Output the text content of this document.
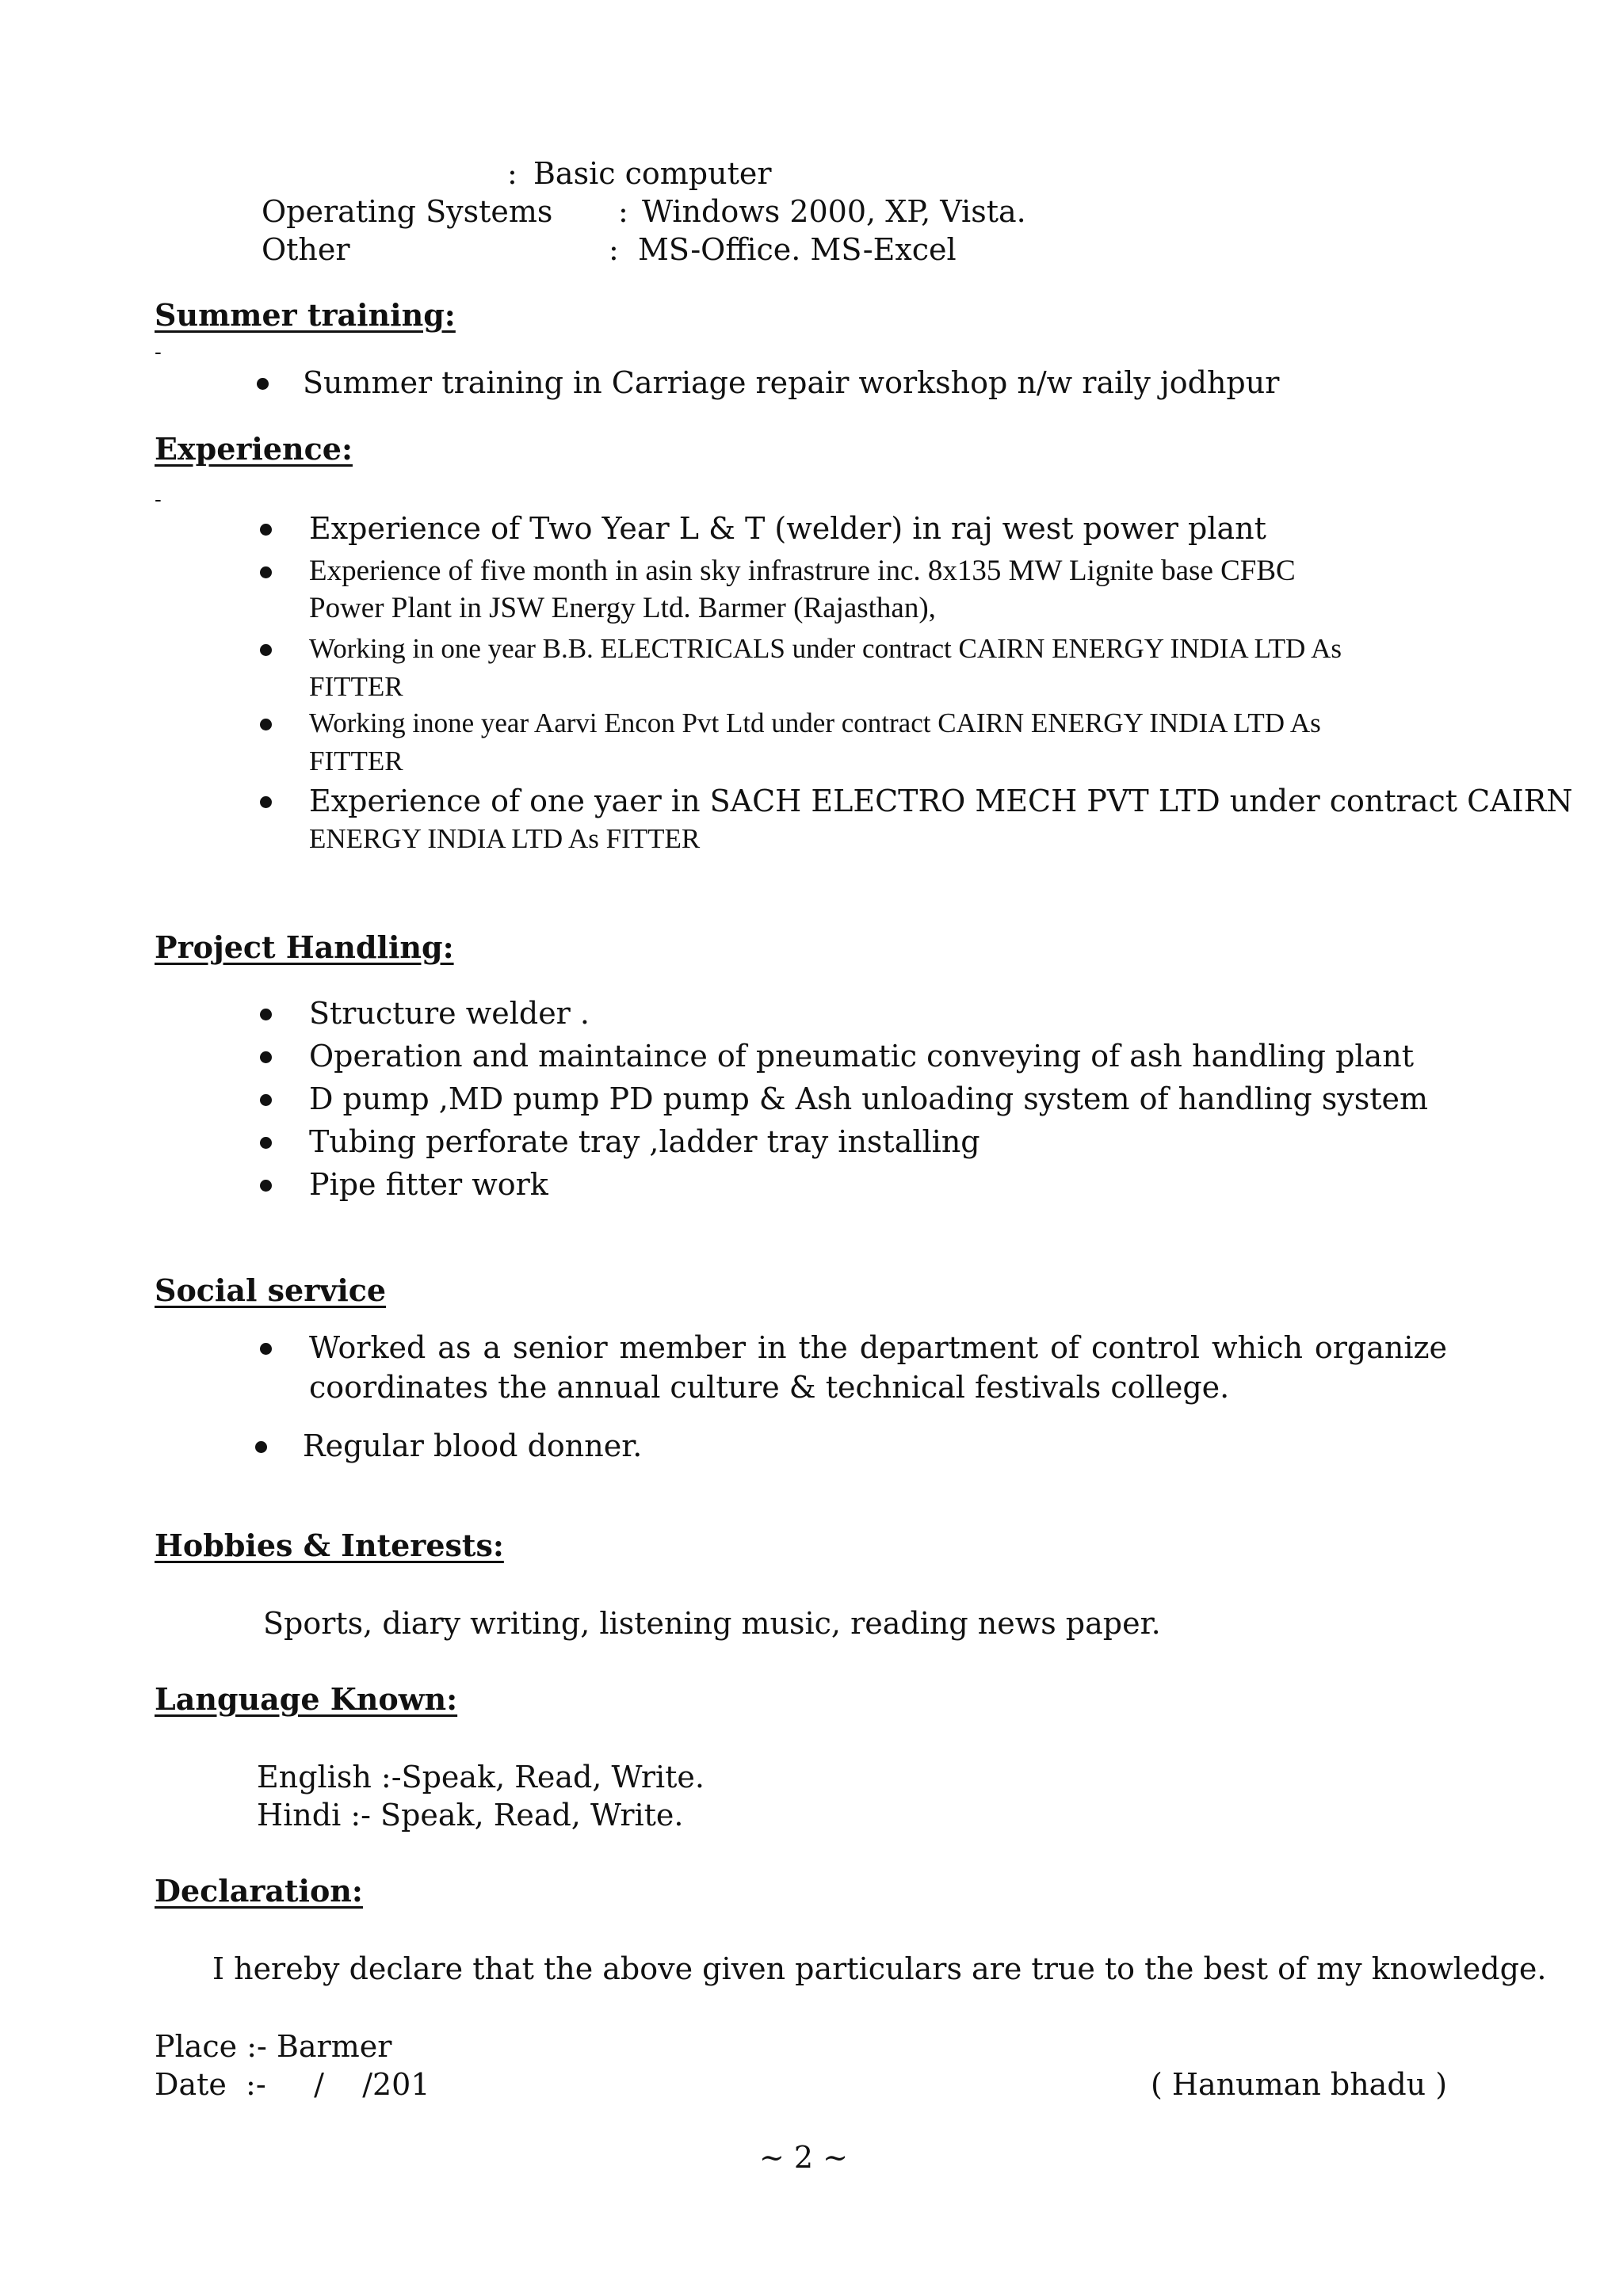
: Basic computer
Operating Systems : Windows 2000, XP, Vista.
Other	: MS-Office. MS-Excel
Summer training:
-
Summer training in Carriage repair workshop n/w raily jodhpur
Experience:
-
Experience of Two Year L & T (welder) in raj west power plant
Experience of five month in asin sky infrastrure inc. 8x135 MW Lignite base CFBC
Power Plant in JSW Energy Ltd. Barmer (Rajasthan),
Working in one year B.B. ELECTRICALS under contract CAIRN ENERGY INDIA LTD As
FITTER
Working inone year Aarvi Encon Pvt Ltd under contract CAIRN ENERGY INDIA LTD As
FITTER
Experience of one yaer in SACH ELECTRO MECH PVT LTD under contract CAIRN
ENERGY INDIA LTD As FITTER
Project Handling:
Structure welder .
Operation and maintaince of pneumatic conveying of ash handling plant
D pump ,MD pump PD pump & Ash unloading system of handling system
Tubing perforate tray ,ladder tray installing
Pipe fitter work
Social service
Worked as a senior member in the department of control which organize
coordinates the annual culture & technical festivals college.
Regular blood donner.
Hobbies & Interests:
Sports, diary writing, listening music, reading news paper.
Language Known:
English :-Speak, Read, Write.
Hindi :- Speak, Read, Write.
Declaration:
I hereby declare that the above given particulars are true to the best of my knowledge.
Place :- Barmer
Date  :-     /    /201	( Hanuman bhadu )
~ 2 ~
